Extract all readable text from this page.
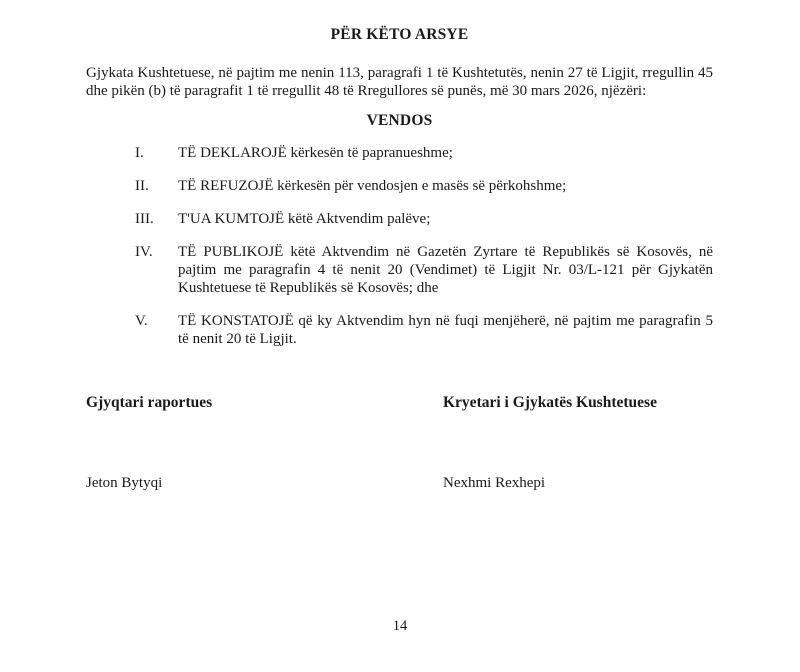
PËR KËTO ARSYE

Gjykata Kushtetuese, në pajtim me nenin 113, paragrafi 1 të Kushtetutës, nenin 27 të Ligjit, rregullin 45 dhe pikën (b) të paragrafit 1 të rregullit 48 të Rregullores së punës, më 30 mars 2026, njëzëri:

VENDOS
I.	TË DEKLAROJË kërkesën të papranueshme;
II.	TË REFUZOJË kërkesën për vendosjen e masës së përkohshme;
III.	T'UA KUMTOJË këtë Aktvendim palëve;
IV.	TË PUBLIKOJË këtë Aktvendim në Gazetën Zyrtare të Republikës së Kosovës, në pajtim me paragrafin 4 të nenit 20 (Vendimet) të Ligjit Nr. 03/L-121 për Gjykatën Kushtetuese të Republikës së Kosovës; dhe
V.	TË KONSTATOJË që ky Aktvendim hyn në fuqi menjëherë, në pajtim me paragrafin 5 të nenit 20 të Ligjit.
Gjyqtari raportues	Kryetari i Gjykatës Kushtetuese
Jeton Bytyqi	Nexhmi Rexhepi
14
